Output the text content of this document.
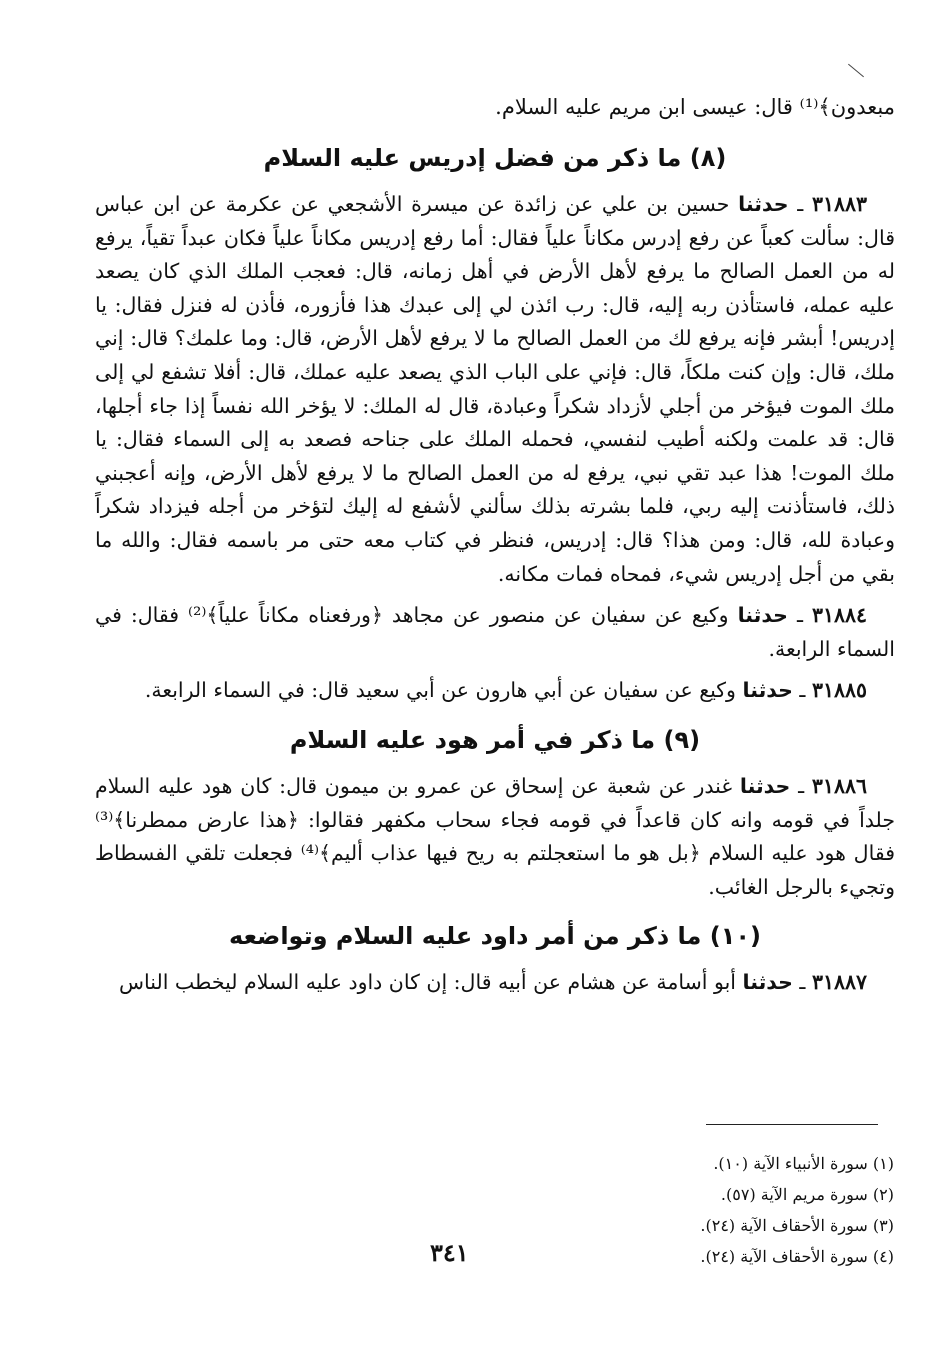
مبعدون﴾⁽¹⁾ قال: عيسى ابن مريم عليه السلام.

(٨) ما ذكر من فضل إدريس عليه السلام

٣١٨٨٣ ـ حدثنا حسين بن علي عن زائدة عن ميسرة الأشجعي عن عكرمة عن ابن عباس قال: سألت كعباً عن رفع إدرس مكاناً علياً فقال: أما رفع إدريس مكاناً علياً فكان عبداً تقياً، يرفع له من العمل الصالح ما يرفع لأهل الأرض في أهل زمانه، قال: فعجب الملك الذي كان يصعد عليه عمله، فاستأذن ربه إليه، قال: رب ائذن لي إلى عبدك هذا فأزوره، فأذن له فنزل فقال: يا إدريس! أبشر فإنه يرفع لك من العمل الصالح ما لا يرفع لأهل الأرض، قال: وما علمك؟ قال: إني ملك، قال: وإن كنت ملكاً، قال: فإني على الباب الذي يصعد عليه عملك، قال: أفلا تشفع لي إلى ملك الموت فيؤخر من أجلي لأزداد شكراً وعبادة، قال له الملك: لا يؤخر الله نفساً إذا جاء أجلها، قال: قد علمت ولكنه أطيب لنفسي، فحمله الملك على جناحه فصعد به إلى السماء فقال: يا ملك الموت! هذا عبد تقي نبي، يرفع له من العمل الصالح ما لا يرفع لأهل الأرض، وإنه أعجبني ذلك، فاستأذنت إليه ربي، فلما بشرته بذلك سألني لأشفع له إليك لتؤخر من أجله فيزداد شكراً وعبادة لله، قال: ومن هذا؟ قال: إدريس، فنظر في كتاب معه حتى مر باسمه فقال: والله ما بقي من أجل إدريس شيء، فمحاه فمات مكانه.

٣١٨٨٤ ـ حدثنا وكيع عن سفيان عن منصور عن مجاهد ﴿ورفعناه مكاناً علياً﴾⁽²⁾ فقال: في السماء الرابعة.

٣١٨٨٥ ـ حدثنا وكيع عن سفيان عن أبي هارون عن أبي سعيد قال: في السماء الرابعة.

(٩) ما ذكر في أمر هود عليه السلام

٣١٨٨٦ ـ حدثنا غندر عن شعبة عن إسحاق عن عمرو بن ميمون قال: كان هود عليه السلام جلداً في قومه وانه كان قاعداً في قومه فجاء سحاب مكفهر فقالوا: ﴿هذا عارض ممطرنا﴾⁽³⁾ فقال هود عليه السلام ﴿بل هو ما استعجلتم به ريح فيها عذاب أليم﴾⁽⁴⁾ فجعلت تلقي الفسطاط وتجيء بالرجل الغائب.

(١٠) ما ذكر من أمر داود عليه السلام وتواضعه

٣١٨٨٧ ـ حدثنا أبو أسامة عن هشام عن أبيه قال: إن كان داود عليه السلام ليخطب الناس

(١) سورة الأنبياء الآية (١٠).
(٢) سورة مريم الآية (٥٧).
(٣) سورة الأحقاف الآية (٢٤).
(٤) سورة الأحقاف الآية (٢٤).
٣٤١
